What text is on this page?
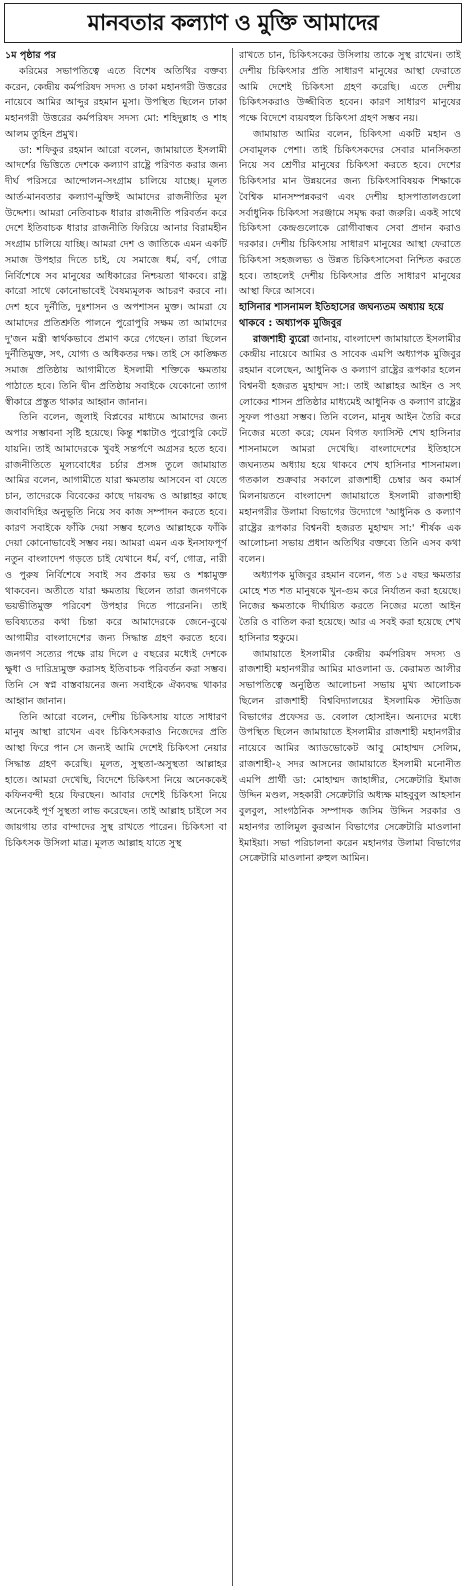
মানবতার কল্যাণ ও মুক্তি আমাদের

১ম পৃষ্ঠার পর

করিমের সভাপতিত্বে এতে বিশেষ অতিথির বক্তব্য করেন, কেন্দ্রীয় কর্মপরিষদ সদস্য ও ঢাকা মহানগরী উত্তরের নায়েবে আমির আব্দুর রহমান মুসা। উপস্থিত ছিলেন ঢাকা মহানগরী উত্তরের কর্মপরিষদ সদস্য মো: শহিদুল্লাহ ও শাহ আলম তুহিন প্রমুখ।

ডা: শফিকুর রহমান আরো বলেন, জামায়াতে ইসলামী আদর্শের ভিত্তিতে দেশকে কল্যাণ রাষ্ট্রে পরিণত করার জন্য দীর্ঘ পরিসরে আন্দোলন-সংগ্রাম চালিয়ে যাচ্ছে। মূলত আর্ত-মানবতার কল্যাণ-মুক্তিই আমাদের রাজনীতির মূল উদ্দেশ্য। আমরা নেতিবাচক ধারার রাজনীতি পরিবর্তন করে দেশে ইতিবাচক ধারার রাজনীতি ফিরিয়ে আনার বিরামহীন সংগ্রাম চালিয়ে যাচ্ছি। আমরা দেশ ও জাতিকে এমন একটি সমাজ উপহার দিতে চাই, যে সমাজে ধর্ম, বর্ণ, গোত্র নির্বিশেষে সব মানুষের অধিকারের নিশ্চয়তা থাকবে। রাষ্ট্র কারো সাথে কোনোভাবেই বৈষম্যমূলক আচরণ করবে না। দেশ হবে দুর্নীতি, দুঃশাসন ও অপশাসন মুক্ত। আমরা যে আমাদের প্রতিশ্রুতি পালনে পুরোপুরি সক্ষম তা আমাদের দু'জন মন্ত্রী স্বার্থকভাবে প্রমাণ করে গেছেন। তারা ছিলেন দুর্নীতিমুক্ত, সৎ, যোগ্য ও অধিকতর দক্ষ। তাই সে কাঙ্ক্ষিত সমাজ প্রতিষ্ঠায় আগামীতে ইসলামী শক্তিকে ক্ষমতায় পাঠাতে হবে। তিনি দ্বীন প্রতিষ্ঠায় সবাইকে যেকোনো ত্যাগ স্বীকারে প্রস্তুত থাকার আহ্বান জানান।

তিনি বলেন, জুলাই বিপ্লবের মাধ্যমে আমাদের জন্য অপার সম্ভাবনা সৃষ্টি হয়েছে। কিন্তু শঙ্কাটাও পুরোপুরি কেটে যায়নি। তাই আমাদেরকে খুবই সন্তর্পণে অগ্রসর হতে হবে। রাজনীতিতে মূল্যবোধের চর্চার প্রসঙ্গ তুলে জামায়াত আমির বলেন, আগামীতে যারা ক্ষমতায় আসবেন বা যেতে চান, তাদেরকে বিবেকের কাছে দায়বদ্ধ ও আল্লাহর কাছে জবাবদিহির অনুভূতি নিয়ে সব কাজ সম্পাদন করতে হবে। কারণ সবাইকে ফাঁকি দেয়া সম্ভব হলেও আল্লাহকে ফাঁকি দেয়া কোনোভাবেই সম্ভব নয়। আমরা এমন এক ইনসাফপূর্ণ নতুন বাংলাদেশ গড়তে চাই যেখানে ধর্ম, বর্ণ, গোত্র, নারী ও পুরুষ নির্বিশেষে সবাই সব প্রকার ভয় ও শঙ্কামুক্ত থাকবেন। অতীতে যারা ক্ষমতায় ছিলেন তারা জনগণকে ভয়ভীতিমুক্ত পরিবেশ উপহার দিতে পারেননি। তাই ভবিষ্যতের কথা চিন্তা করে আমাদেরকে জেনে-বুঝে আগামীর বাংলাদেশের জন্য সিদ্ধান্ত গ্রহণ করতে হবে। জনগণ সত্যের পক্ষে রায় দিলে ৫ বছরের মধ্যেই দেশকে ক্ষুধা ও দারিদ্র্যমুক্ত করাসহ ইতিবাচক পরিবর্তন করা সম্ভব। তিনি সে স্বপ্ন বাস্তবায়নের জন্য সবাইকে ঐক্যবদ্ধ থাকার আহ্বান জানান।

তিনি আরো বলেন, দেশীয় চিকিৎসায় যাতে সাধারণ মানুষ আস্থা রাখেন এবং চিকিৎসকরাও নিজেদের প্রতি আস্থা ফিরে পান সে জন্যই আমি দেশেই চিকিৎসা নেয়ার সিদ্ধান্ত গ্রহণ করেছি। মূলত, সুস্থতা-অসুস্থতা আল্লাহর হাতে। আমরা দেখেছি, বিদেশে চিকিৎসা নিয়ে অনেককেই কফিনবন্দী হয়ে ফিরছেন। আবার দেশেই চিকিৎসা নিয়ে অনেকেই পূর্ণ সুস্থতা লাভ করেছেন। তাই আল্লাহ চাইলে সব জায়গায় তার বান্দাদের সুস্থ রাখতে পারেন। চিকিৎসা বা চিকিৎসক উসিলা মাত্র। মূলত আল্লাহ যাতে সুস্থ

রাখতে চান, চিকিৎসকের উসিলায় তাকে সুস্থ রাখেন। তাই দেশীয় চিকিৎসার প্রতি সাধারণ মানুষের আস্থা ফেরাতে আমি দেশেই চিকিৎসা গ্রহণ করেছি। এতে দেশীয় চিকিৎসকরাও উজ্জীবিত হবেন। কারণ সাধারণ মানুষের পক্ষে বিদেশে ব্যয়বহুল চিকিৎসা গ্রহণ সম্ভব নয়।

জামায়াত আমির বলেন, চিকিৎসা একটি মহান ও সেবামূলক পেশা। তাই চিকিৎসকদের সেবার মানসিকতা নিয়ে সব শ্রেণীর মানুষের চিকিৎসা করতে হবে। দেশের চিকিৎসার মান উন্নয়নের জন্য চিকিৎসাবিষয়ক শিক্ষাকে বৈশ্বিক মানসম্পন্নকরণ এবং দেশীয় হাসপাতালগুলো সর্বাধুনিক চিকিৎসা সরঞ্জামে সমৃদ্ধ করা জরুরি। একই সাথে চিকিৎসা কেন্দ্রগুলোকে রোগীবান্ধব সেবা প্রদান করাও দরকার। দেশীয় চিকিৎসায় সাধারণ মানুষের আস্থা ফেরাতে চিকিৎসা সহজলভ্য ও উন্নত চিকিৎসাসেবা নিশ্চিত করতে হবে। তাহলেই দেশীয় চিকিৎসার প্রতি সাধারণ মানুষের আস্থা ফিরে আসবে।

হাসিনার শাসনামল ইতিহাসের জঘন্যতম অধ্যায় হয়ে থাকবে : অধ্যাপক মুজিবুর

রাজশাহী ব্যুরো জানায়, বাংলাদেশ জামায়াতে ইসলামীর কেন্দ্রীয় নায়েবে আমির ও সাবেক এমপি অধ্যাপক মুজিবুর রহমান বলেছেন, আধুনিক ও কল্যাণ রাষ্ট্রের রূপকার হলেন বিশ্বনবী হজরত মুহাম্মদ সা:। তাই আল্লাহর আইন ও সৎ লোকের শাসন প্রতিষ্ঠার মাধ্যমেই আধুনিক ও কল্যাণ রাষ্ট্রের সুফল পাওয়া সম্ভব। তিনি বলেন, মানুষ আইন তৈরি করে নিজের মতো করে; যেমন বিগত ফ্যাসিস্ট শেখ হাসিনার শাসনামলে আমরা দেখেছি। বাংলাদেশের ইতিহাসে জঘন্যতম অধ্যায় হয়ে থাকবে শেখ হাসিনার শাসনামল। গতকাল শুক্রবার সকালে রাজশাহী চেম্বার অব কমার্স মিলনায়তনে বাংলাদেশ জামায়াতে ইসলামী রাজশাহী মহানগরীর উলামা বিভাগের উদ্যোগে 'আধুনিক ও কল্যাণ রাষ্ট্রের রূপকার বিশ্বনবী হজরত মুহাম্মদ সা:' শীর্ষক এক আলোচনা সভায় প্রধান অতিথির বক্তব্যে তিনি এসব কথা বলেন।

অধ্যাপক মুজিবুর রহমান বলেন, গত ১৫ বছর ক্ষমতার মোহে শত শত মানুষকে খুন-গুম করে নির্যাতন করা হয়েছে। নিজের ক্ষমতাকে দীর্ঘায়িত করতে নিজের মতো আইন তৈরি ও বাতিল করা হয়েছে। আর এ সবই করা হয়েছে শেখ হাসিনার হুকুমে।

জামায়াতে ইসলামীর কেন্দ্রীয় কর্মপরিষদ সদস্য ও রাজশাহী মহানগরীর আমির মাওলানা ড. কেরামত আলীর সভাপতিত্বে অনুষ্ঠিত আলোচনা সভায় মুখ্য আলোচক ছিলেন রাজশাহী বিশ্ববিদ্যালয়ের ইসলামিক স্টাডিজ বিভাগের প্রফেসর ড. বেলাল হোসাইন। অন্যদের মধ্যে উপস্থিত ছিলেন জামায়াতে ইসলামীর রাজশাহী মহানগরীর নায়েবে আমির অ্যাডভোকেট আবু মোহাম্মদ সেলিম, রাজশাহী-২ সদর আসনের জামায়াতে ইসলামী মনোনীত এমপি প্রার্থী ডা: মোহাম্মদ জাহাঙ্গীর, সেক্রেটারি ইমাজ উদ্দিন মণ্ডল, সহকারী সেক্রেটারি অধ্যক্ষ মাহবুবুল আহসান বুলবুল, সাংগঠনিক সম্পাদক জসিম উদ্দিন সরকার ও মহানগর তালিমুল কুরআন বিভাগের সেক্রেটারি মাওলানা ইমাইয়া। সভা পরিচালনা করেন মহানগর উলামা বিভাগের সেক্রেটারি মাওলানা রুহুল আমিন।
